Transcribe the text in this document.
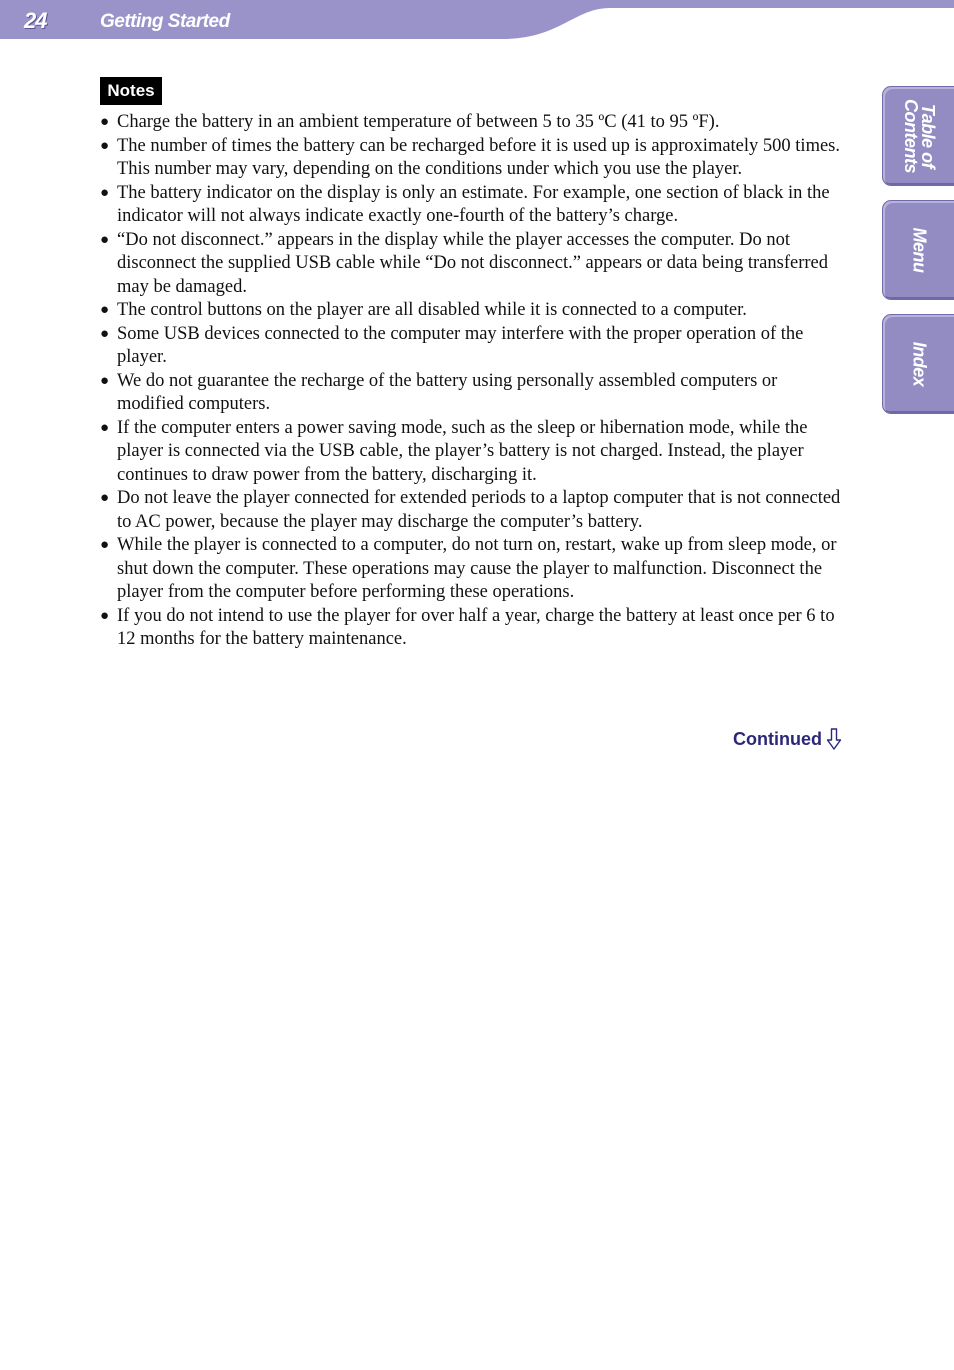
24	Getting Started
Table of
Contents
Menu
Index
Notes
● Charge the battery in an ambient temperature of between 5 to 35 ºC (41 to 95 ºF).
● The number of times the battery can be recharged before it is used up is approximately 500 times. This number may vary, depending on the conditions under which you use the player.
● The battery indicator on the display is only an estimate. For example, one section of black in the indicator will not always indicate exactly one-fourth of the battery’s charge.
● “Do not disconnect.” appears in the display while the player accesses the computer. Do not disconnect the supplied USB cable while “Do not disconnect.” appears or data being transferred may be damaged.
● The control buttons on the player are all disabled while it is connected to a computer.
● Some USB devices connected to the computer may interfere with the proper operation of the player.
● We do not guarantee the recharge of the battery using personally assembled computers or modified computers.
● If the computer enters a power saving mode, such as the sleep or hibernation mode, while the player is connected via the USB cable, the player’s battery is not charged. Instead, the player continues to draw power from the battery, discharging it.
● Do not leave the player connected for extended periods to a laptop computer that is not connected to AC power, because the player may discharge the computer’s battery.
● While the player is connected to a computer, do not turn on, restart, wake up from sleep mode, or shut down the computer. These operations may cause the player to malfunction. Disconnect the player from the computer before performing these operations.
● If you do not intend to use the player for over half a year, charge the battery at least once per 6 to 12 months for the battery maintenance.
Continued
